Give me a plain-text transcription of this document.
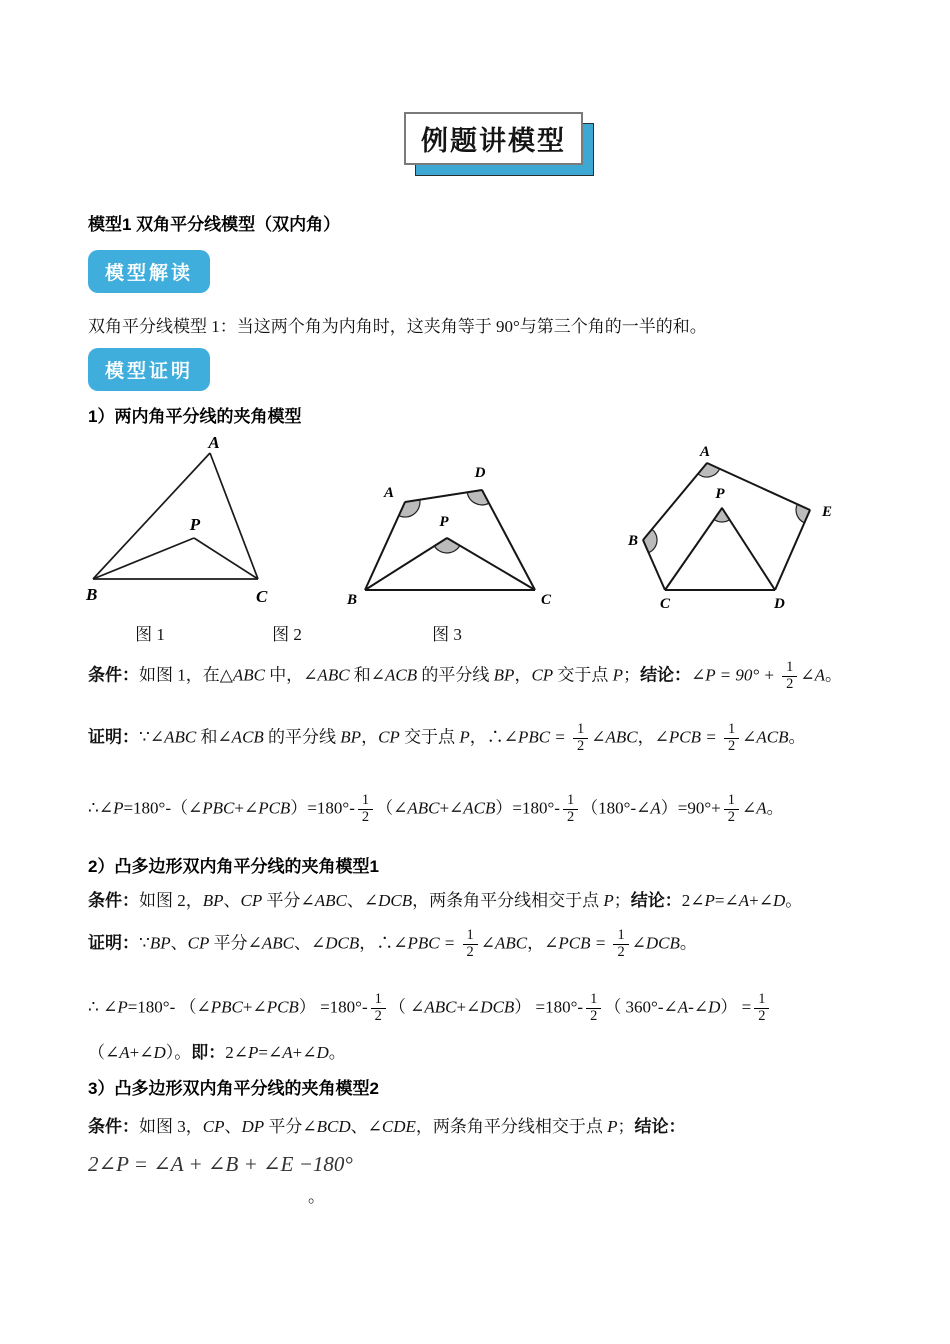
例题讲模型
模型1 双角平分线模型（双内角）
模型解读
双角平分线模型 1：当这两个角为内角时，这夹角等于 90°与第三个角的一半的和。
模型证明
1）两内角平分线的夹角模型
A
B	C
P
A
D
B	C
P
A
B
C	D
E
P
图 1	图 2	图 3
条件：如图 1，在△ABC 中，∠ABC 和∠ACB 的平分线 BP，CP 交于点 P；结论：∠P = $90^\circ + \frac{1}{2}$ ∠A。
证明：∵∠ABC 和∠ACB 的平分线 BP，CP 交于点 P，∴∠PBC = $\frac{1}{2}$ ∠ABC，∠PCB = $\frac{1}{2}$ ∠ACB。
∴∠P=180°-（∠PBC+∠PCB）=180°- $\frac{1}{2}$ （∠ABC+∠ACB）=180°- $\frac{1}{2}$ （180°-∠A）=90°+ $\frac{1}{2}$ ∠A。
2）凸多边形双内角平分线的夹角模型1
条件：如图 2，BP、CP 平分∠ABC、∠DCB，两条角平分线相交于点 P；结论：2∠P=∠A+∠D。
证明：∵BP、CP 平分∠ABC、∠DCB，∴∠PBC = $\frac{1}{2}$ ∠ABC，∠PCB = $\frac{1}{2}$ ∠DCB。
∴ ∠P=180°- （∠PBC+∠PCB） $=180^\circ- \frac{1}{2}$ （ ∠ABC+∠DCB） $=180^\circ- \frac{1}{2}$ （ 360°-∠A-∠D） = $\frac{1}{2}$
（∠A+∠D）。即：2∠P=∠A+∠D。
3）凸多边形双内角平分线的夹角模型2
条件：如图 3，CP、DP 平分∠BCD、∠CDE，两条角平分线相交于点 P；结论：
2∠P = ∠A + ∠B + ∠E −180°
。
